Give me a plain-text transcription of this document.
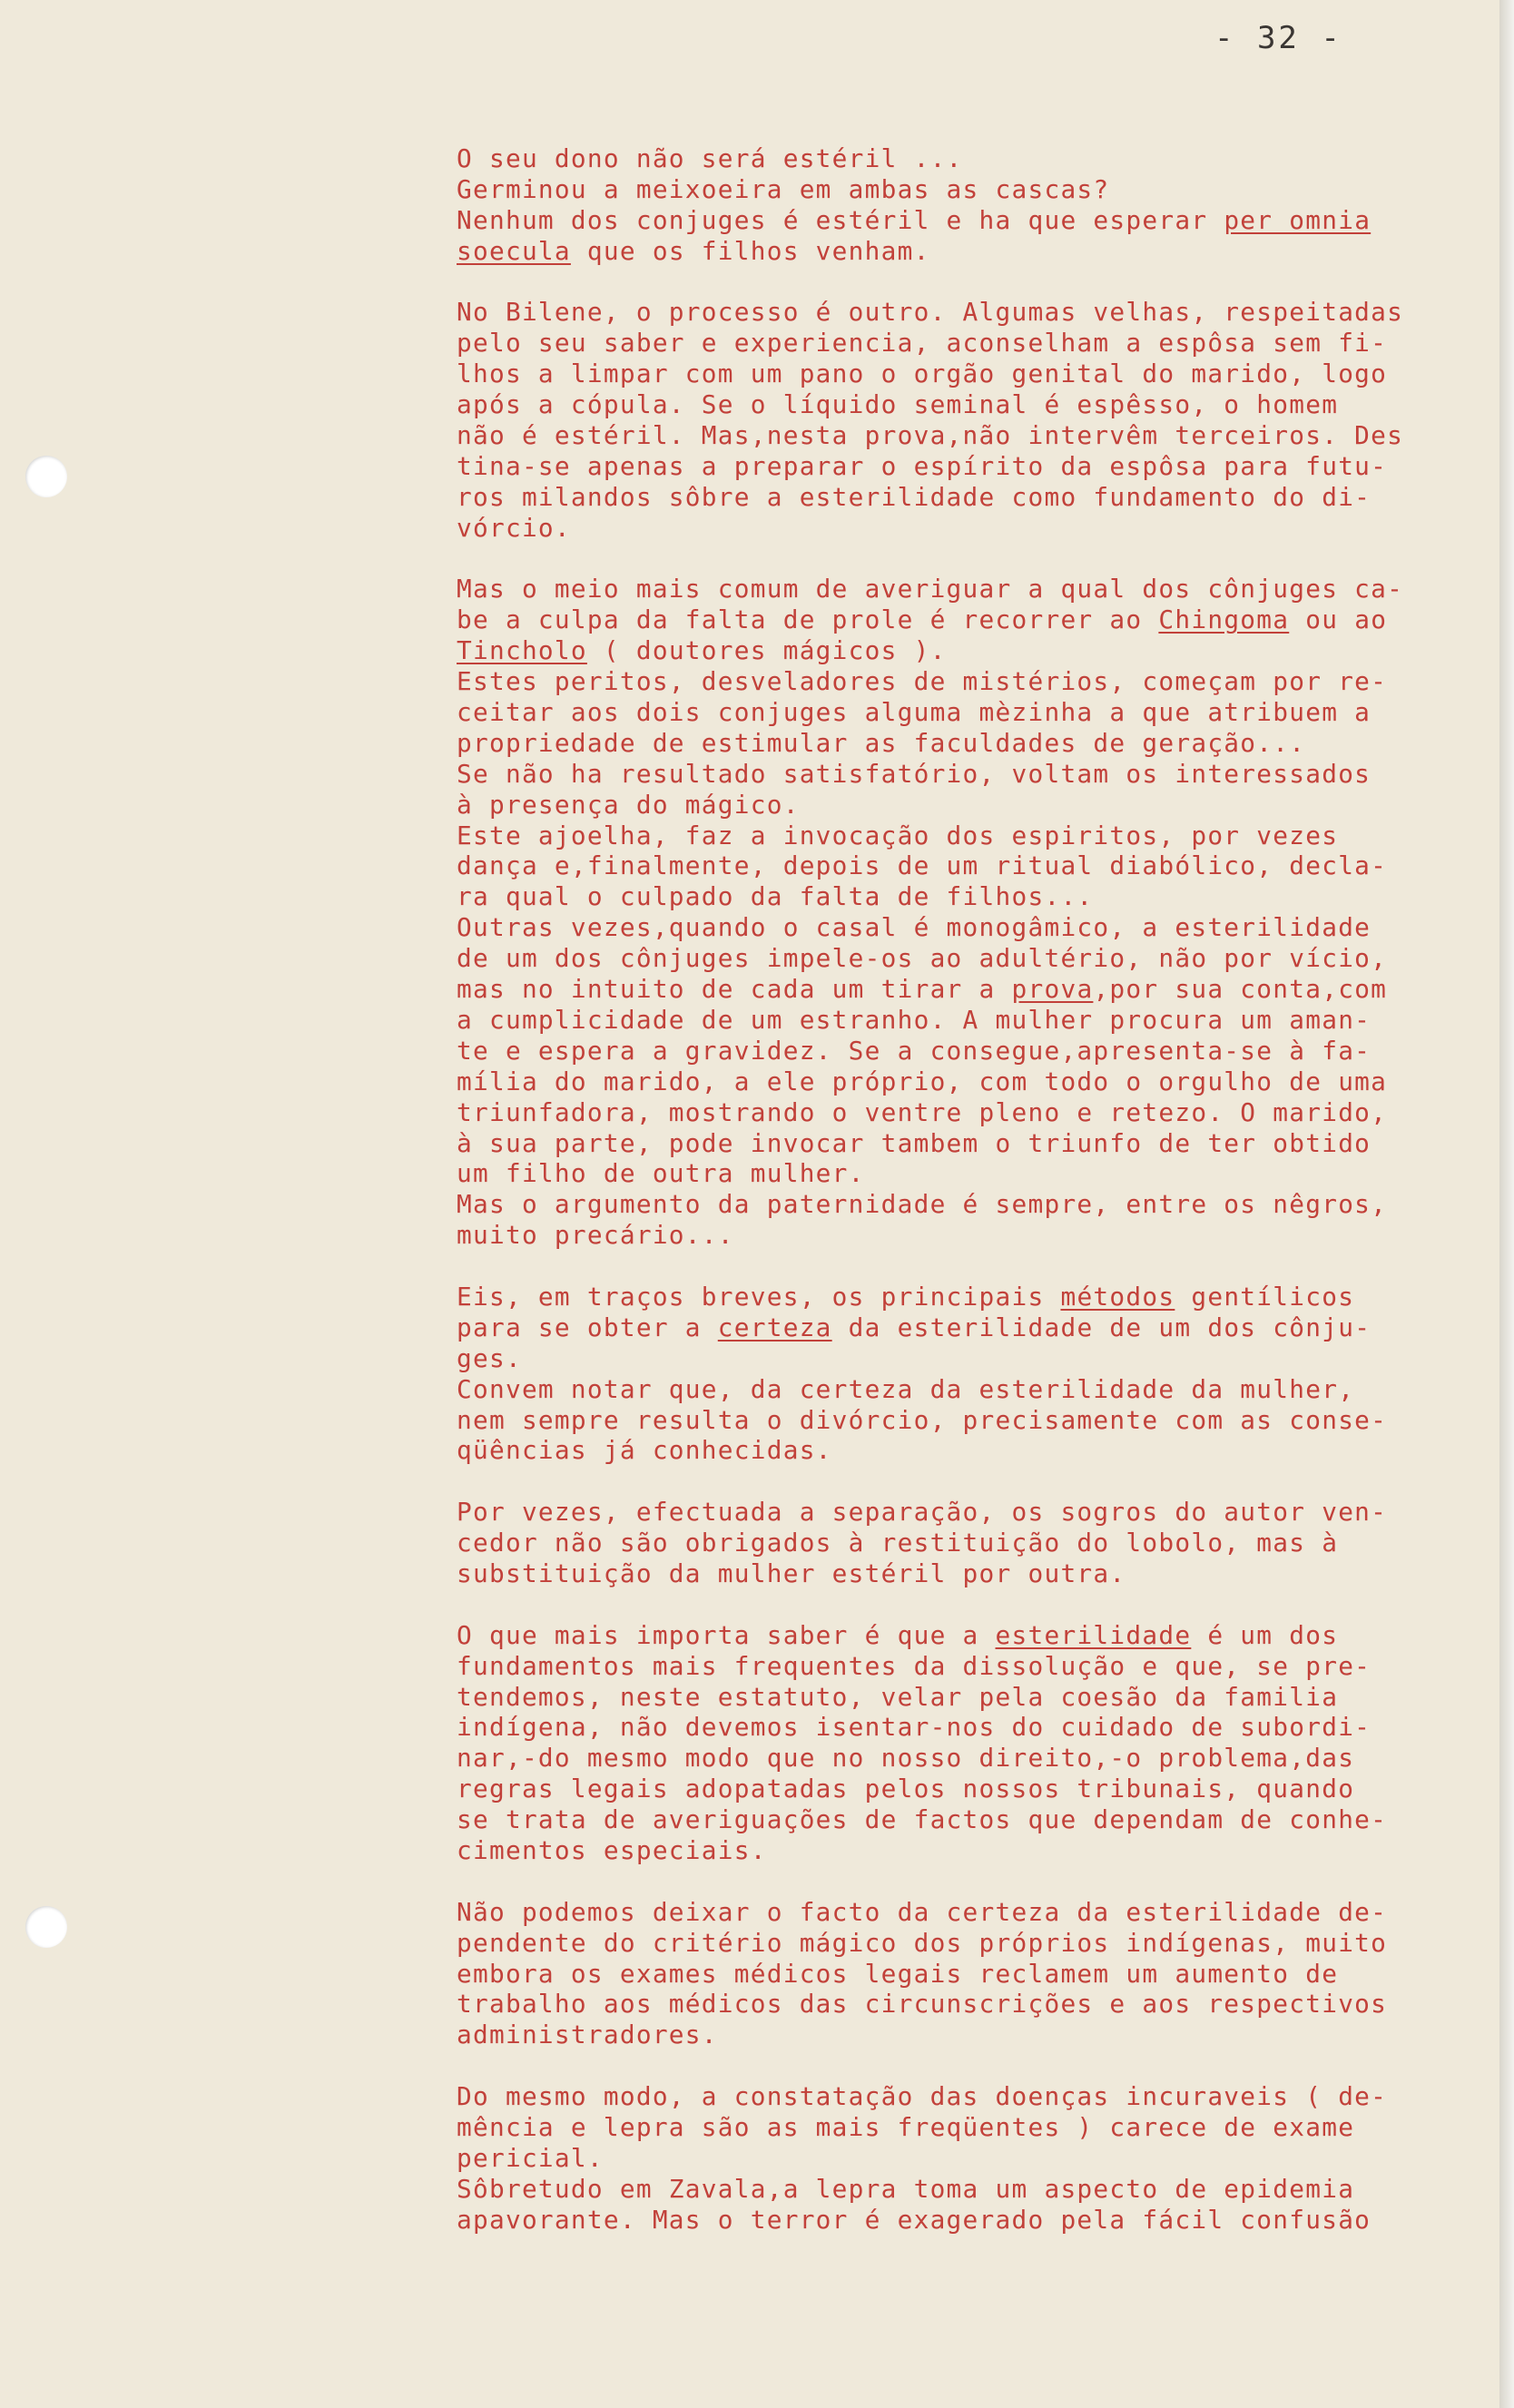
- 32 -
O seu dono não será estéril ...
Germinou a meixoeira em ambas as cascas?
Nenhum dos conjuges é estéril e ha que esperar per omnia
soecula que os filhos venham.
No Bilene, o processo é outro. Algumas velhas, respeitadas
pelo seu saber e experiencia, aconselham a espôsa sem fi-
lhos a limpar com um pano o orgão genital do marido, logo
após a cópula. Se o líquido seminal é espêsso, o homem
não é estéril. Mas,nesta prova,não intervêm terceiros. Des
tina-se apenas a preparar o espírito da espôsa para futu-
ros milandos sôbre a esterilidade como fundamento do di-
vórcio.
Mas o meio mais comum de averiguar a qual dos cônjuges ca-
be a culpa da falta de prole é recorrer ao Chingoma ou ao
Tincholo ( doutores mágicos ).
Estes peritos, desveladores de mistérios, começam por re-
ceitar aos dois conjuges alguma mèzinha a que atribuem a
propriedade de estimular as faculdades de geração...
Se não ha resultado satisfatório, voltam os interessados
à presença do mágico.
Este ajoelha, faz a invocação dos espiritos, por vezes
dança e,finalmente, depois de um ritual diabólico, decla-
ra qual o culpado da falta de filhos...
Outras vezes,quando o casal é monogâmico, a esterilidade
de um dos cônjuges impele-os ao adultério, não por vício,
mas no intuito de cada um tirar a prova,por sua conta,com
a cumplicidade de um estranho. A mulher procura um aman-
te e espera a gravidez. Se a consegue,apresenta-se à fa-
mília do marido, a ele próprio, com todo o orgulho de uma
triunfadora, mostrando o ventre pleno e retezo. O marido,
à sua parte, pode invocar tambem o triunfo de ter obtido
um filho de outra mulher.
Mas o argumento da paternidade é sempre, entre os nêgros,
muito precário...
Eis, em traços breves, os principais métodos gentílicos
para se obter a certeza da esterilidade de um dos cônju-
ges.
Convem notar que, da certeza da esterilidade da mulher,
nem sempre resulta o divórcio, precisamente com as conse-
qüências já conhecidas.
Por vezes, efectuada a separação, os sogros do autor ven-
cedor não são obrigados à restituição do lobolo, mas à
substituição da mulher estéril por outra.
O que mais importa saber é que a esterilidade é um dos
fundamentos mais frequentes da dissolução e que, se pre-
tendemos, neste estatuto, velar pela coesão da familia
indígena, não devemos isentar-nos do cuidado de subordi-
nar,-do mesmo modo que no nosso direito,-o problema,das
regras legais adopatadas pelos nossos tribunais, quando
se trata de averiguações de factos que dependam de conhe-
cimentos especiais.
Não podemos deixar o facto da certeza da esterilidade de-
pendente do critério mágico dos próprios indígenas, muito
embora os exames médicos legais reclamem um aumento de
trabalho aos médicos das circunscrições e aos respectivos
administradores.
Do mesmo modo, a constatação das doenças incuraveis ( de-
mência e lepra são as mais freqüentes ) carece de exame
pericial.
Sôbretudo em Zavala,a lepra toma um aspecto de epidemia
apavorante. Mas o terror é exagerado pela fácil confusão
